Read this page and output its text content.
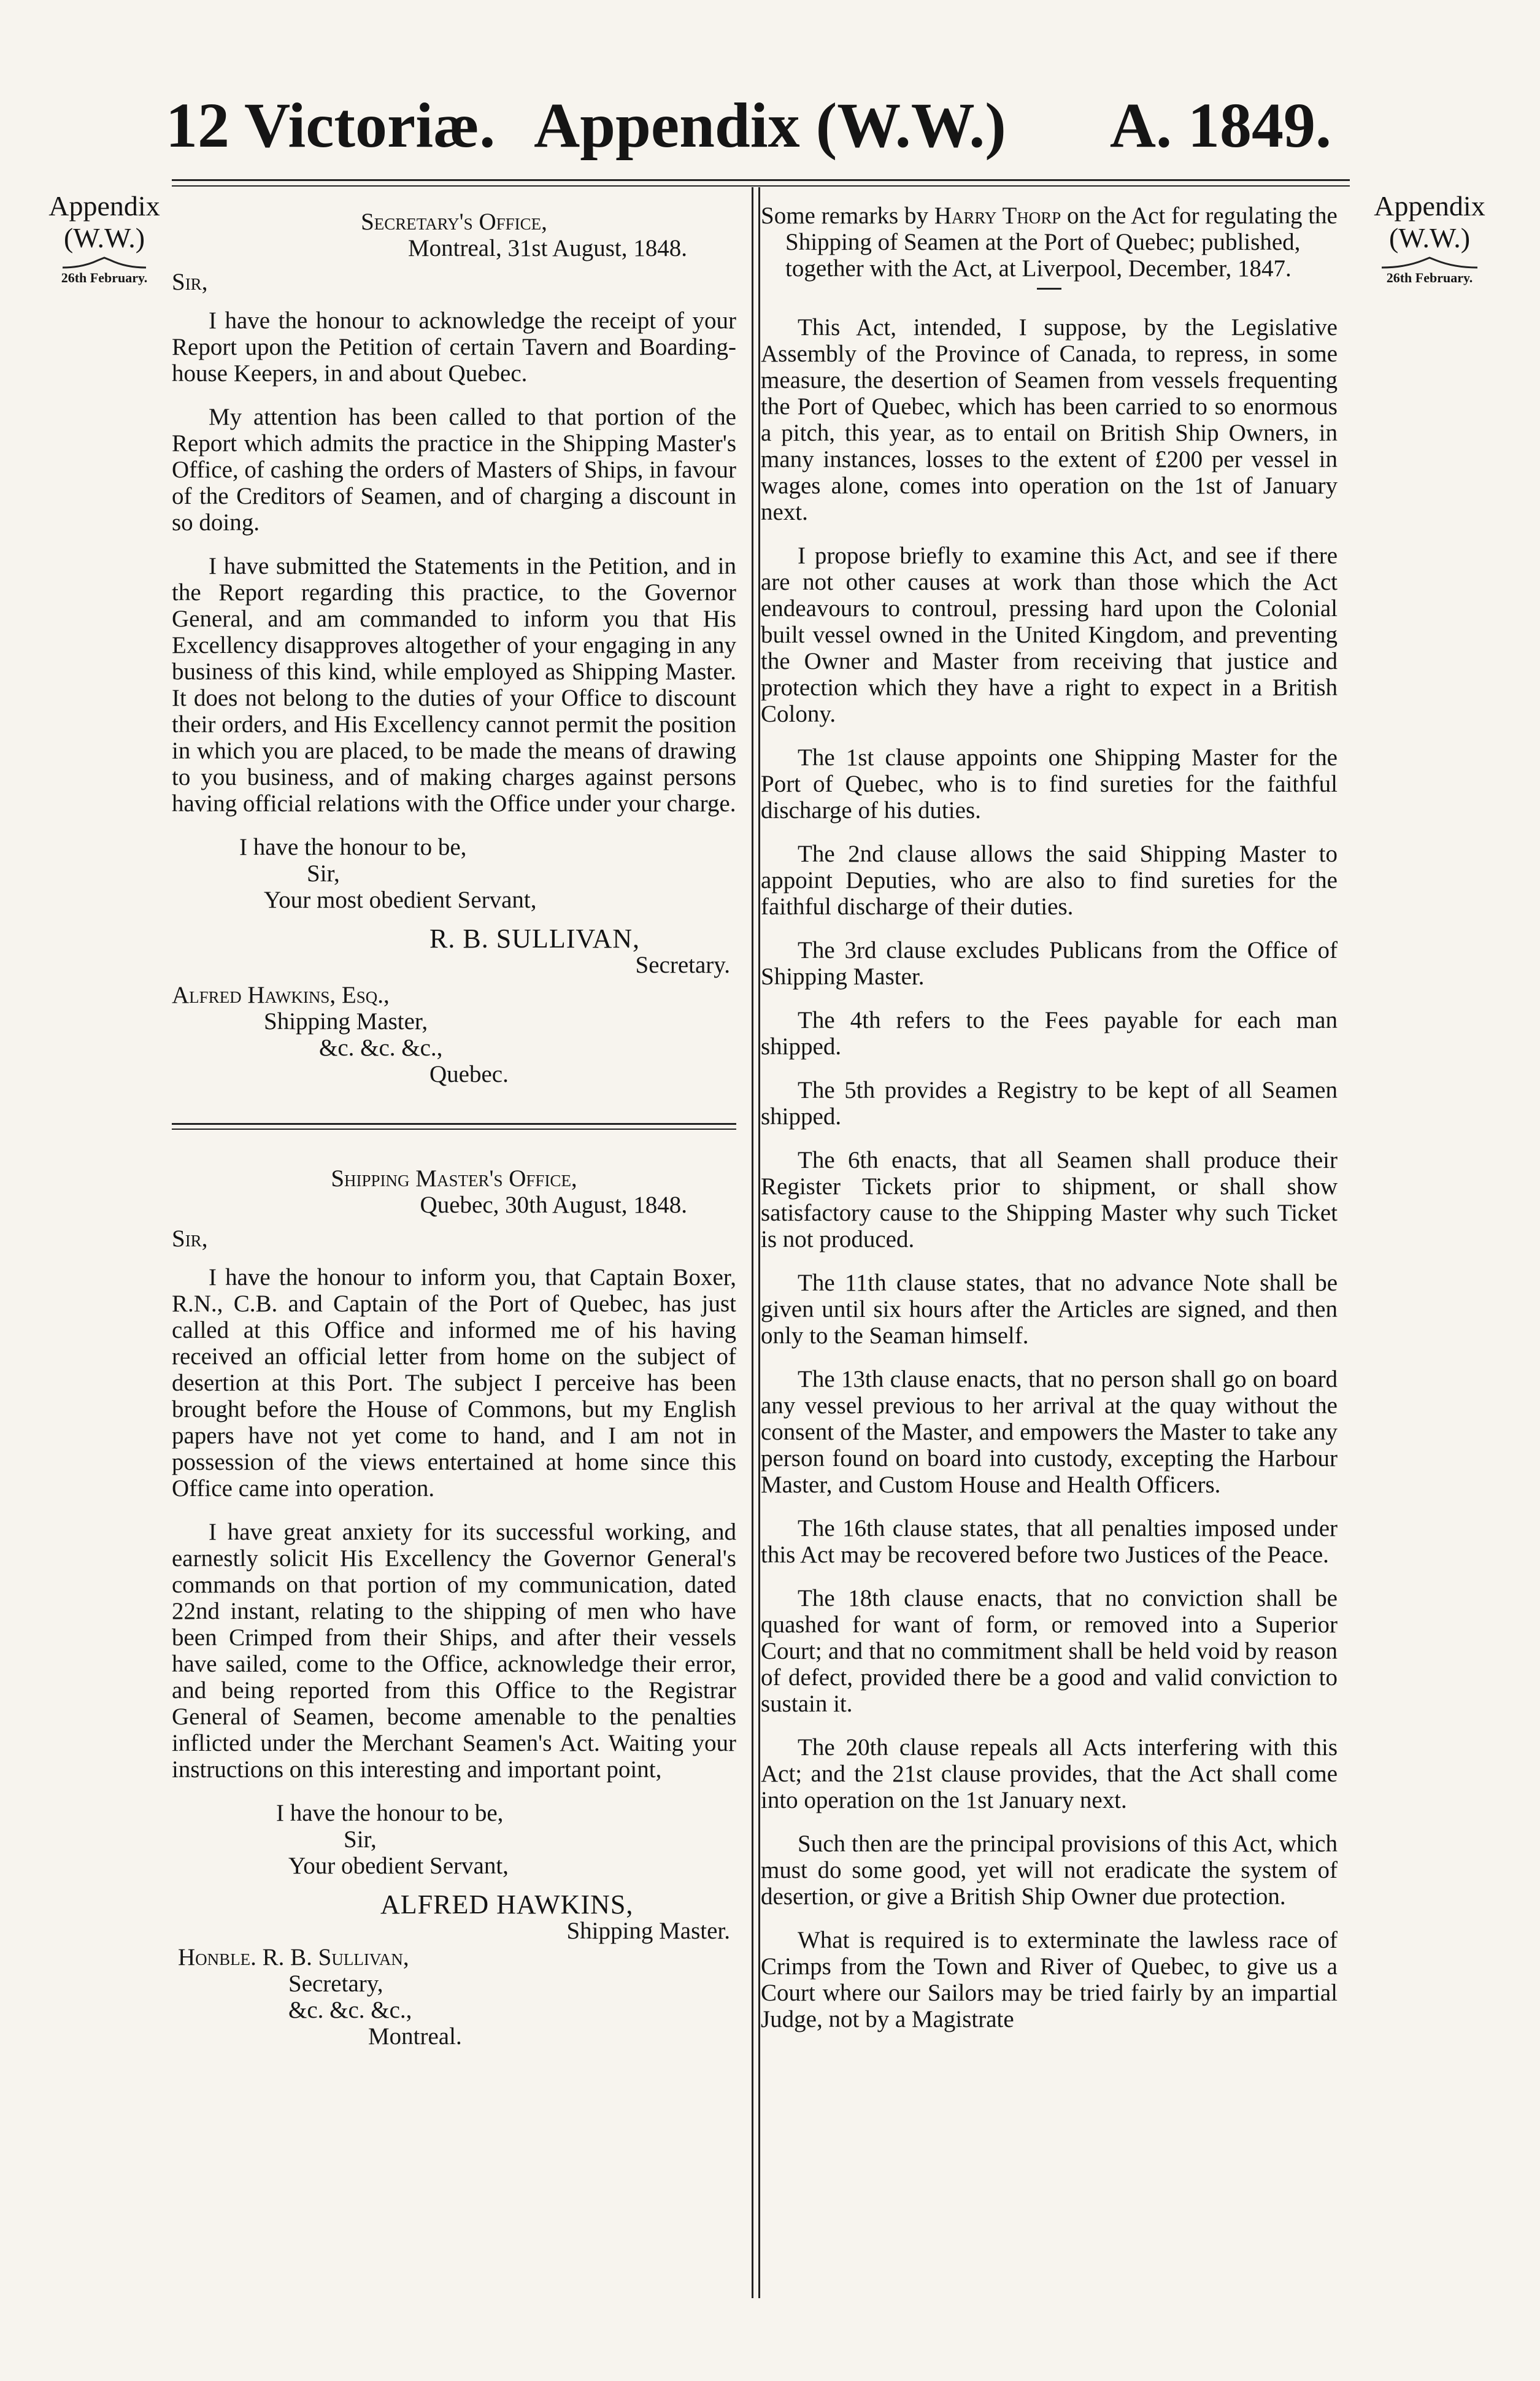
12 Victoriæ. Appendix (W.W.)	A. 1849.
Appendix
(W.W.)
26th February.
Appendix
(W.W.)
26th February.
Secretary's Office,
Montreal, 31st August, 1848.
Sir,

I have the honour to acknowledge the receipt of your Report upon the Petition of certain Tavern and Boarding-house Keepers, in and about Quebec.

My attention has been called to that portion of the Report which admits the practice in the Shipping Master's Office, of cashing the orders of Masters of Ships, in favour of the Creditors of Seamen, and of charging a discount in so doing.

I have submitted the Statements in the Petition, and in the Report regarding this practice, to the Governor General, and am commanded to inform you that His Excellency disapproves altogether of your engaging in any business of this kind, while employed as Shipping Master. It does not belong to the duties of your Office to discount their orders, and His Excellency cannot permit the position in which you are placed, to be made the means of drawing to you business, and of making charges against persons having official relations with the Office under your charge.

I have the honour to be,
Sir,
Your most obedient Servant,
R. B. SULLIVAN,
Secretary.
Alfred Hawkins, Esq.,
Shipping Master,
&c. &c. &c.,
Quebec.
Shipping Master's Office,
Quebec, 30th August, 1848.
Sir,

I have the honour to inform you, that Captain Boxer, R.N., C.B. and Captain of the Port of Quebec, has just called at this Office and informed me of his having received an official letter from home on the subject of desertion at this Port. The subject I perceive has been brought before the House of Commons, but my English papers have not yet come to hand, and I am not in possession of the views entertained at home since this Office came into operation.

I have great anxiety for its successful working, and earnestly solicit His Excellency the Governor General's commands on that portion of my communication, dated 22nd instant, relating to the shipping of men who have been Crimped from their Ships, and after their vessels have sailed, come to the Office, acknowledge their error, and being reported from this Office to the Registrar General of Seamen, become amenable to the penalties inflicted under the Merchant Seamen's Act. Waiting your instructions on this interesting and important point,

I have the honour to be,
Sir,
Your obedient Servant,
ALFRED HAWKINS,
Shipping Master.
Honble. R. B. Sullivan,
Secretary,
&c. &c. &c.,
Montreal.

Some remarks by Harry Thorp on the Act for regulating the Shipping of Seamen at the Port of Quebec; published, together with the Act, at Liverpool, December, 1847.

This Act, intended, I suppose, by the Legislative Assembly of the Province of Canada, to repress, in some measure, the desertion of Seamen from vessels frequenting the Port of Quebec, which has been carried to so enormous a pitch, this year, as to entail on British Ship Owners, in many instances, losses to the extent of £200 per vessel in wages alone, comes into operation on the 1st of January next.

I propose briefly to examine this Act, and see if there are not other causes at work than those which the Act endeavours to controul, pressing hard upon the Colonial built vessel owned in the United Kingdom, and preventing the Owner and Master from receiving that justice and protection which they have a right to expect in a British Colony.

The 1st clause appoints one Shipping Master for the Port of Quebec, who is to find sureties for the faithful discharge of his duties.

The 2nd clause allows the said Shipping Master to appoint Deputies, who are also to find sureties for the faithful discharge of their duties.

The 3rd clause excludes Publicans from the Office of Shipping Master.

The 4th refers to the Fees payable for each man shipped.

The 5th provides a Registry to be kept of all Seamen shipped.

The 6th enacts, that all Seamen shall produce their Register Tickets prior to shipment, or shall show satisfactory cause to the Shipping Master why such Ticket is not produced.

The 11th clause states, that no advance Note shall be given until six hours after the Articles are signed, and then only to the Seaman himself.

The 13th clause enacts, that no person shall go on board any vessel previous to her arrival at the quay without the consent of the Master, and empowers the Master to take any person found on board into custody, excepting the Harbour Master, and Custom House and Health Officers.

The 16th clause states, that all penalties imposed under this Act may be recovered before two Justices of the Peace.

The 18th clause enacts, that no conviction shall be quashed for want of form, or removed into a Superior Court; and that no commitment shall be held void by reason of defect, provided there be a good and valid conviction to sustain it.

The 20th clause repeals all Acts interfering with this Act; and the 21st clause provides, that the Act shall come into operation on the 1st January next.

Such then are the principal provisions of this Act, which must do some good, yet will not eradicate the system of desertion, or give a British Ship Owner due protection.

What is required is to exterminate the lawless race of Crimps from the Town and River of Quebec, to give us a Court where our Sailors may be tried fairly by an impartial Judge, not by a Magistrate
